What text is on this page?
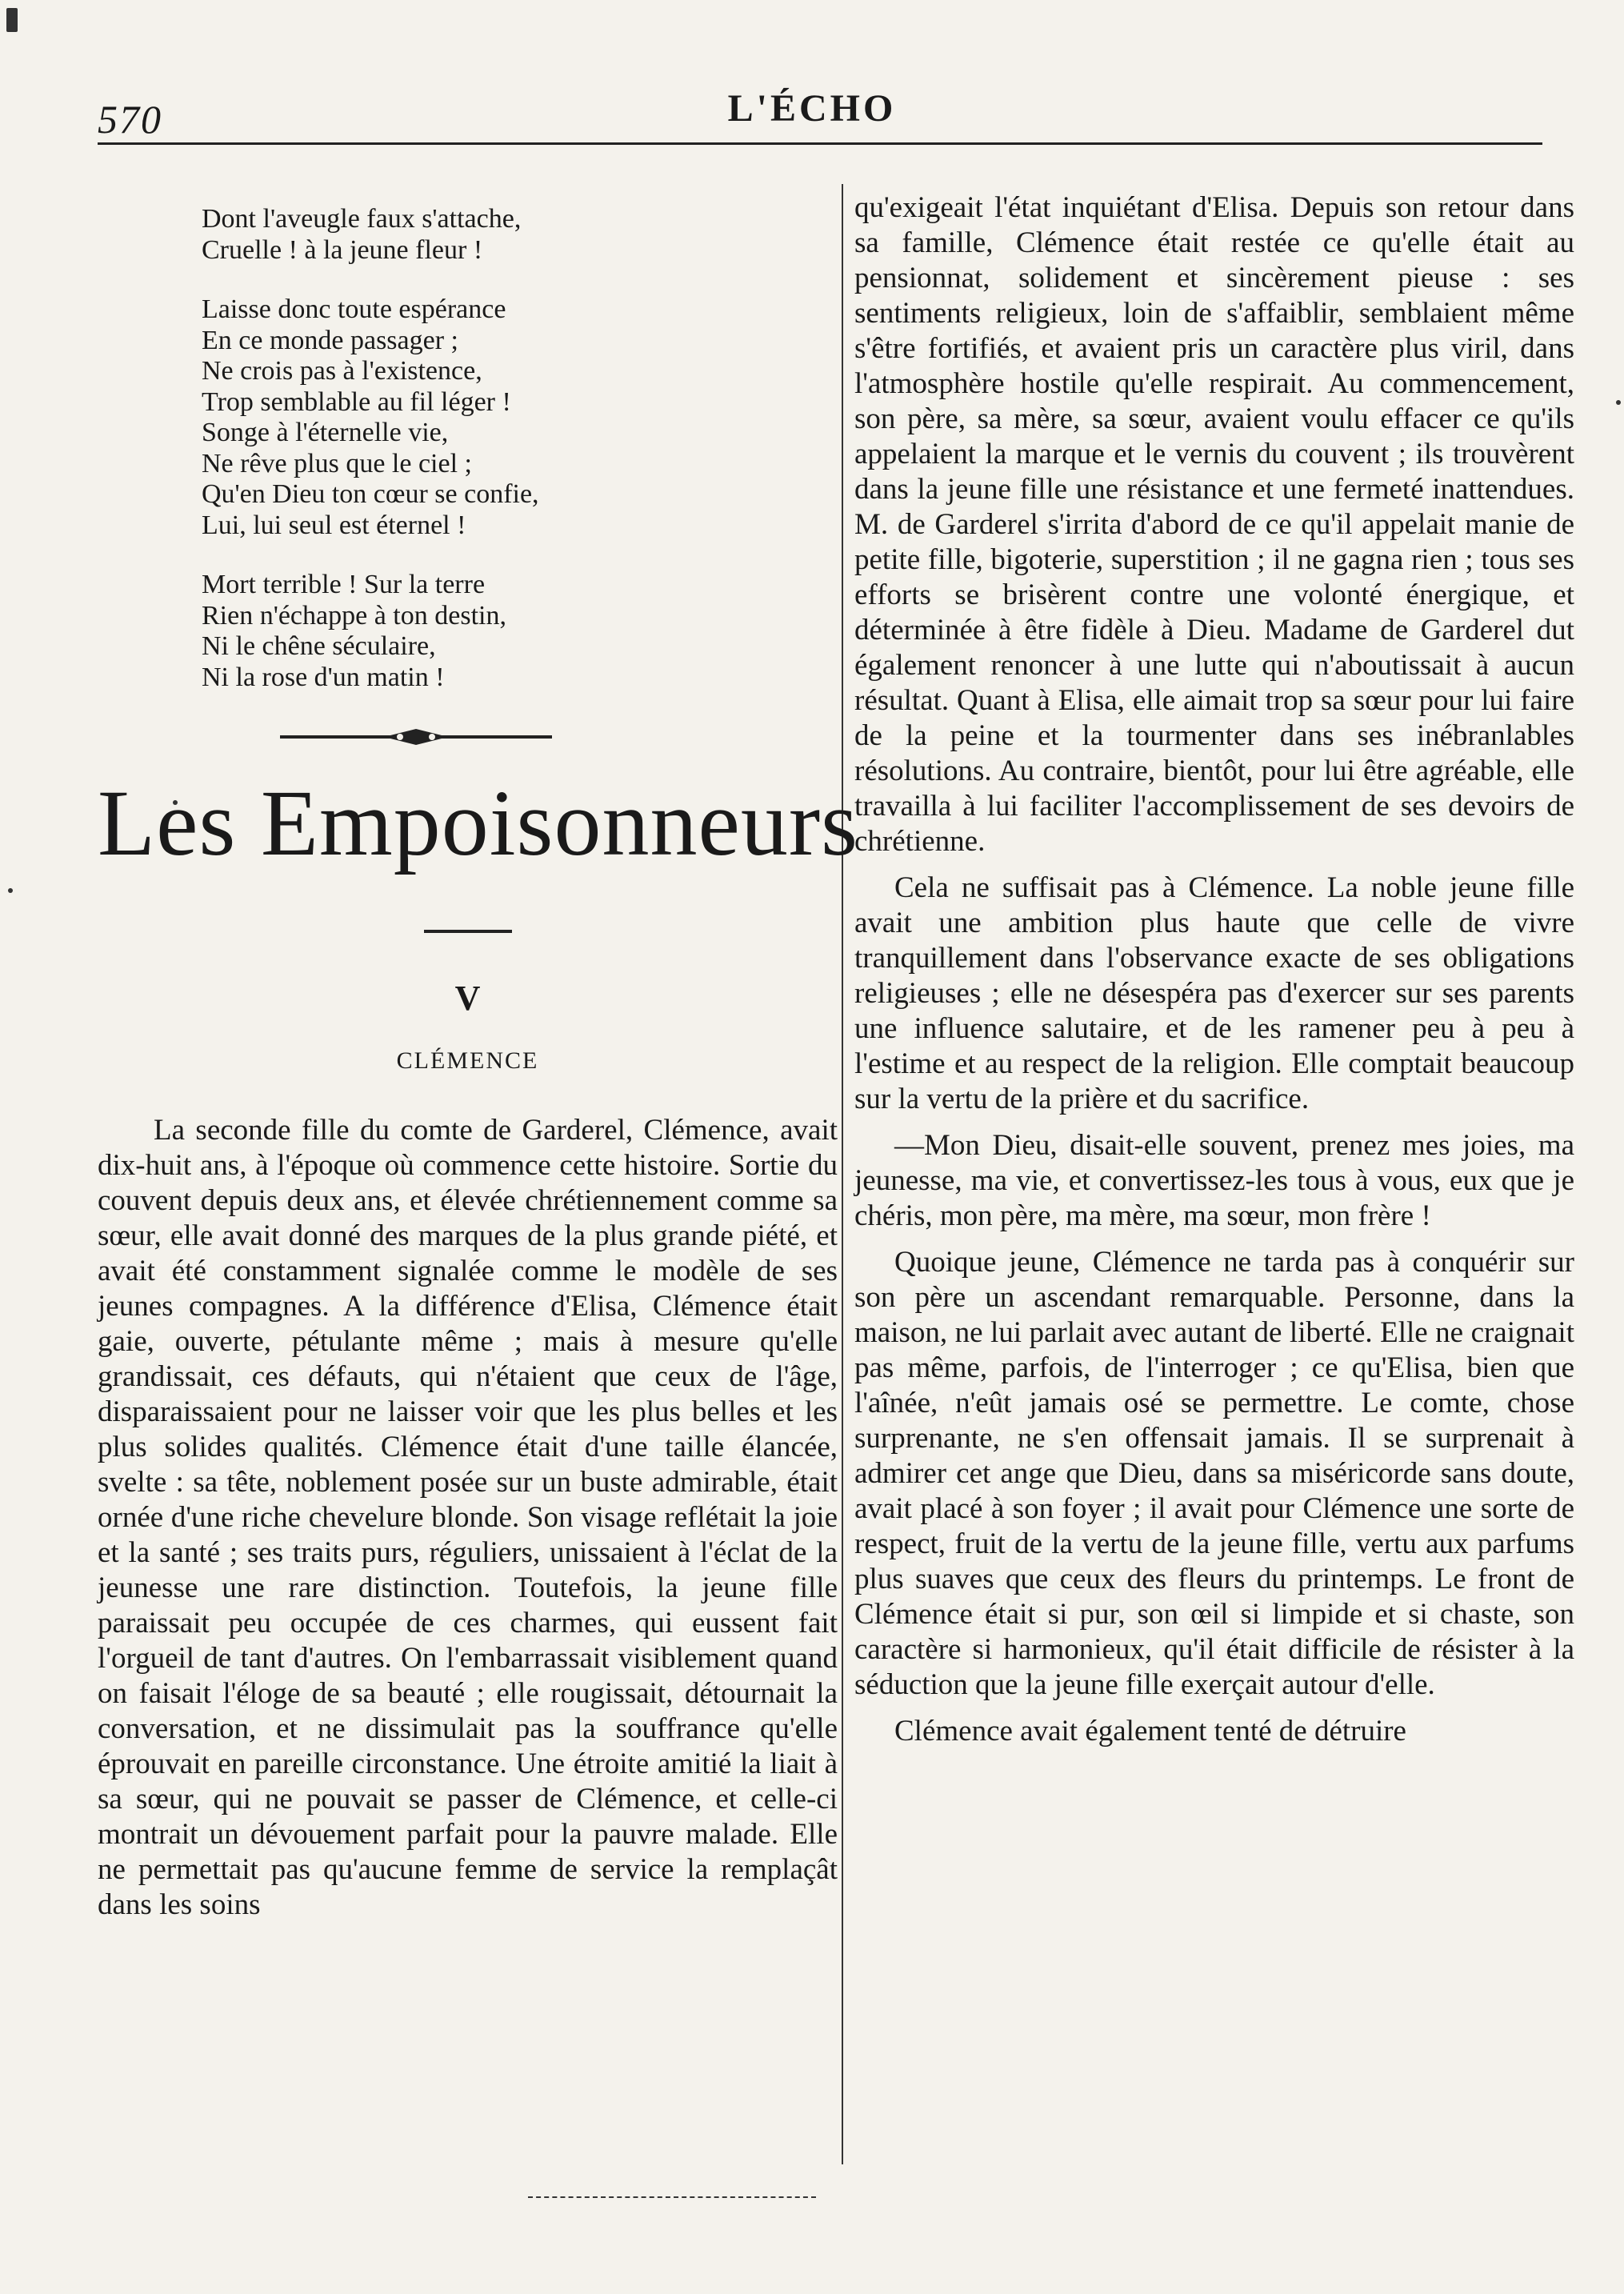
570	L'ÉCHO
Dont l'aveugle faux s'attache,
Cruelle ! à la jeune fleur !
Laisse donc toute espérance
En ce monde passager ;
Ne crois pas à l'existence,
Trop semblable au fil léger !
Songe à l'éternelle vie,
Ne rêve plus que le ciel ;
Qu'en Dieu ton cœur se confie,
Lui, lui seul est éternel !
Mort terrible ! Sur la terre
Rien n'échappe à ton destin,
Ni le chêne séculaire,
Ni la rose d'un matin !
Les Empoisonneurs
V
CLÉMENCE

La seconde fille du comte de Garderel, Clémence, avait dix-huit ans, à l'époque où commence cette histoire. Sortie du couvent depuis deux ans, et élevée chrétiennement comme sa sœur, elle avait donné des marques de la plus grande piété, et avait été constamment signalée comme le modèle de ses jeunes compagnes. A la différence d'Elisa, Clémence était gaie, ouverte, pétulante même ; mais à mesure qu'elle grandissait, ces défauts, qui n'étaient que ceux de l'âge, disparaissaient pour ne laisser voir que les plus belles et les plus solides qualités. Clémence était d'une taille élancée, svelte : sa tête, noblement posée sur un buste admirable, était ornée d'une riche chevelure blonde. Son visage reflétait la joie et la santé ; ses traits purs, réguliers, unissaient à l'éclat de la jeunesse une rare distinction. Toutefois, la jeune fille paraissait peu occupée de ces charmes, qui eussent fait l'orgueil de tant d'autres. On l'embarrassait visiblement quand on faisait l'éloge de sa beauté ; elle rougissait, détournait la conversation, et ne dissimulait pas la souffrance qu'elle éprouvait en pareille circonstance. Une étroite amitié la liait à sa sœur, qui ne pouvait se passer de Clémence, et celle-ci montrait un dévouement parfait pour la pauvre malade. Elle ne permettait pas qu'aucune femme de service la remplaçât dans les soins

qu'exigeait l'état inquiétant d'Elisa. Depuis son retour dans sa famille, Clémence était restée ce qu'elle était au pensionnat, solidement et sincèrement pieuse : ses sentiments religieux, loin de s'affaiblir, semblaient même s'être fortifiés, et avaient pris un caractère plus viril, dans l'atmosphère hostile qu'elle respirait. Au commencement, son père, sa mère, sa sœur, avaient voulu effacer ce qu'ils appelaient la marque et le vernis du couvent ; ils trouvèrent dans la jeune fille une résistance et une fermeté inattendues. M. de Garderel s'irrita d'abord de ce qu'il appelait manie de petite fille, bigoterie, superstition ; il ne gagna rien ; tous ses efforts se brisèrent contre une volonté énergique, et déterminée à être fidèle à Dieu. Madame de Garderel dut également renoncer à une lutte qui n'aboutissait à aucun résultat. Quant à Elisa, elle aimait trop sa sœur pour lui faire de la peine et la tourmenter dans ses inébranlables résolutions. Au contraire, bientôt, pour lui être agréable, elle travailla à lui faciliter l'accomplissement de ses devoirs de chrétienne.

Cela ne suffisait pas à Clémence. La noble jeune fille avait une ambition plus haute que celle de vivre tranquillement dans l'observance exacte de ses obligations religieuses ; elle ne désespéra pas d'exercer sur ses parents une influence salutaire, et de les ramener peu à peu à l'estime et au respect de la religion. Elle comptait beaucoup sur la vertu de la prière et du sacrifice.

—Mon Dieu, disait-elle souvent, prenez mes joies, ma jeunesse, ma vie, et convertissez-les tous à vous, eux que je chéris, mon père, ma mère, ma sœur, mon frère !

Quoique jeune, Clémence ne tarda pas à conquérir sur son père un ascendant remarquable. Personne, dans la maison, ne lui parlait avec autant de liberté. Elle ne craignait pas même, parfois, de l'interroger ; ce qu'Elisa, bien que l'aînée, n'eût jamais osé se permettre. Le comte, chose surprenante, ne s'en offensait jamais. Il se surprenait à admirer cet ange que Dieu, dans sa miséricorde sans doute, avait placé à son foyer ; il avait pour Clémence une sorte de respect, fruit de la vertu de la jeune fille, vertu aux parfums plus suaves que ceux des fleurs du printemps. Le front de Clémence était si pur, son œil si limpide et si chaste, son caractère si harmonieux, qu'il était difficile de résister à la séduction que la jeune fille exerçait autour d'elle.

Clémence avait également tenté de détruire
